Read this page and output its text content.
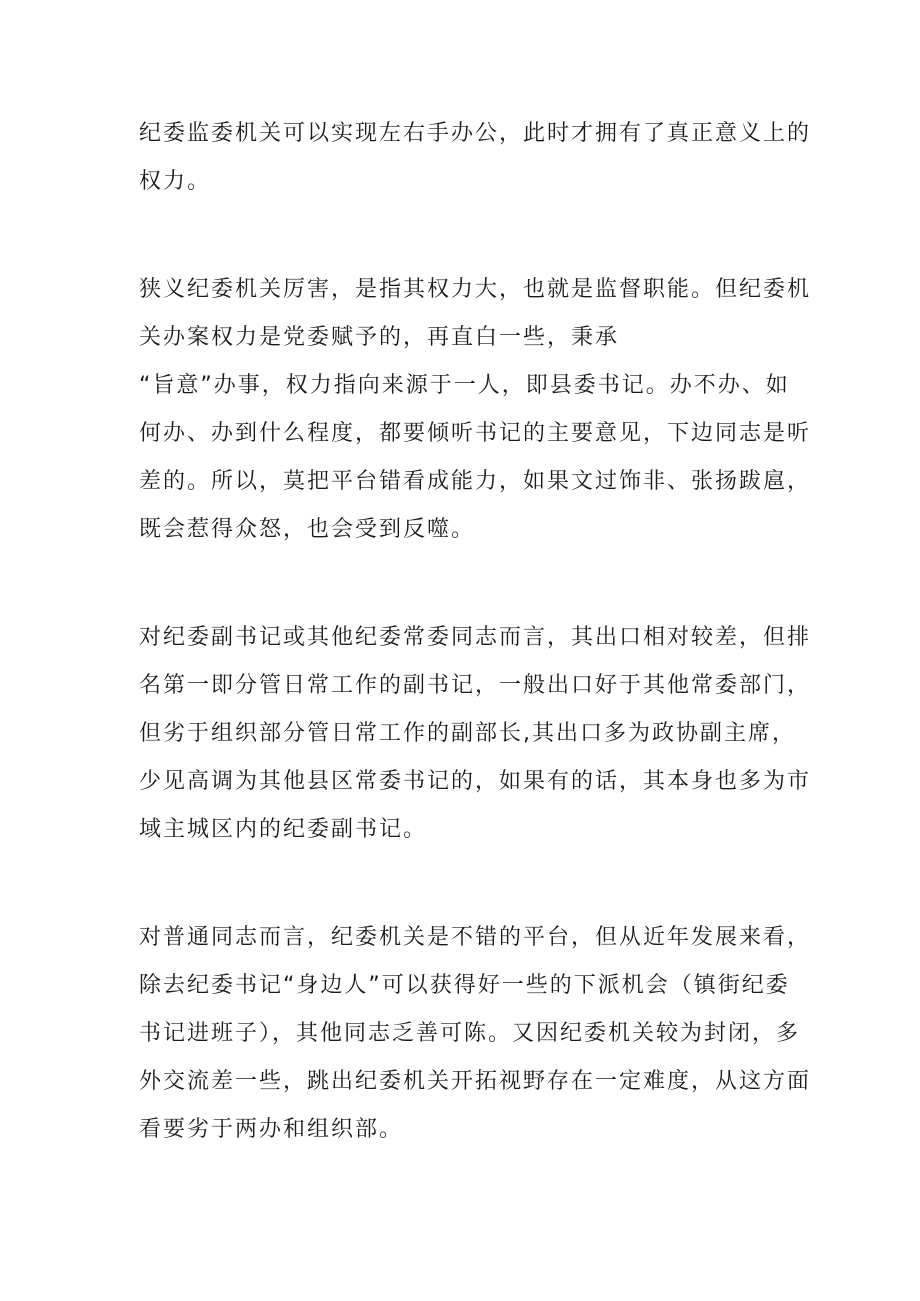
纪委监委机关可以实现左右手办公，此时才拥有了真正意义上的
权力。
狭义纪委机关厉害，是指其权力大，也就是监督职能。但纪委机
关办案权力是党委赋予的，再直白一些，秉承
“旨意”办事，权力指向来源于一人，即县委书记。办不办、如
何办、办到什么程度，都要倾听书记的主要意见，下边同志是听
差的。所以，莫把平台错看成能力，如果文过饰非、张扬跋扈，
既会惹得众怒，也会受到反噬。
对纪委副书记或其他纪委常委同志而言，其出口相对较差，但排
名第一即分管日常工作的副书记，一般出口好于其他常委部门，
但劣于组织部分管日常工作的副部长,其出口多为政协副主席，
少见高调为其他县区常委书记的，如果有的话，其本身也多为市
域主城区内的纪委副书记。
对普通同志而言，纪委机关是不错的平台，但从近年发展来看，
除去纪委书记“身边人”可以获得好一些的下派机会（镇街纪委
书记进班子），其他同志乏善可陈。又因纪委机关较为封闭，多
外交流差一些，跳出纪委机关开拓视野存在一定难度，从这方面
看要劣于两办和组织部。
